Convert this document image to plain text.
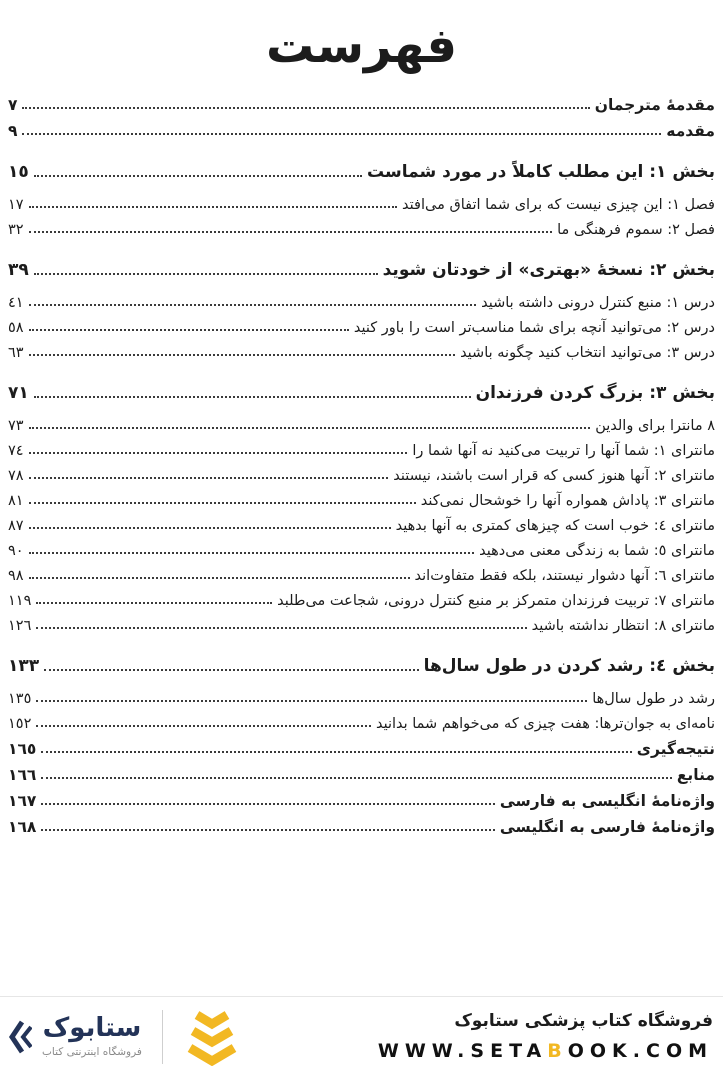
فهرست
مقدمهٔ مترجمان
٧
مقدمه
٩
بخش ١: این مطلب کاملاً در مورد شماست
١٥
فصل ١: این چیزی نیست که برای شما اتفاق می‌افتد
١٧
فصل ٢: سموم فرهنگی ما
٣٢
بخش ٢: نسخهٔ «بهتری» از خودتان شوید
٣٩
درس ١: منبع کنترل درونی داشته باشید
٤١
درس ٢: می‌توانید آنچه برای شما مناسب‌تر است را باور کنید
٥٨
درس ٣: می‌توانید انتخاب کنید چگونه باشید
٦٣
بخش ٣: بزرگ کردن فرزندان
٧١
٨ مانترا برای والدین
٧٣
مانترای ١: شما آنها را تربیت می‌کنید نه آنها شما را
٧٤
مانترای ٢: آنها هنوز کسی که قرار است باشند، نیستند
٧٨
مانترای ٣: پاداش همواره آنها را خوشحال نمی‌کند
٨١
مانترای ٤: خوب است که چیزهای کمتری به آنها بدهید
٨٧
مانترای ٥: شما به زندگی معنی می‌دهید
٩٠
مانترای ٦: آنها دشوار نیستند، بلکه فقط متفاوت‌اند
٩٨
مانترای ٧: تربیت فرزندان متمرکز بر منبع کنترل درونی، شجاعت می‌طلبد
١١٩
مانترای ٨: انتظار نداشته باشید
١٢٦
بخش ٤: رشد کردن در طول سال‌ها
١٣٣
رشد در طول سال‌ها
١٣٥
نامه‌ای به جوان‌ترها: هفت چیزی که می‌خواهم شما بدانید
١٥٢
نتیجه‌گیری
١٦٥
منابع
١٦٦
واژه‌نامهٔ انگلیسی به فارسی
١٦٧
واژه‌نامهٔ فارسی به انگلیسی
١٦٨
ستابوک
فروشگاه اینترنتی کتاب
فروشگاه کتاب پزشکی ستابوک
WWW.SETABOOK.COM
